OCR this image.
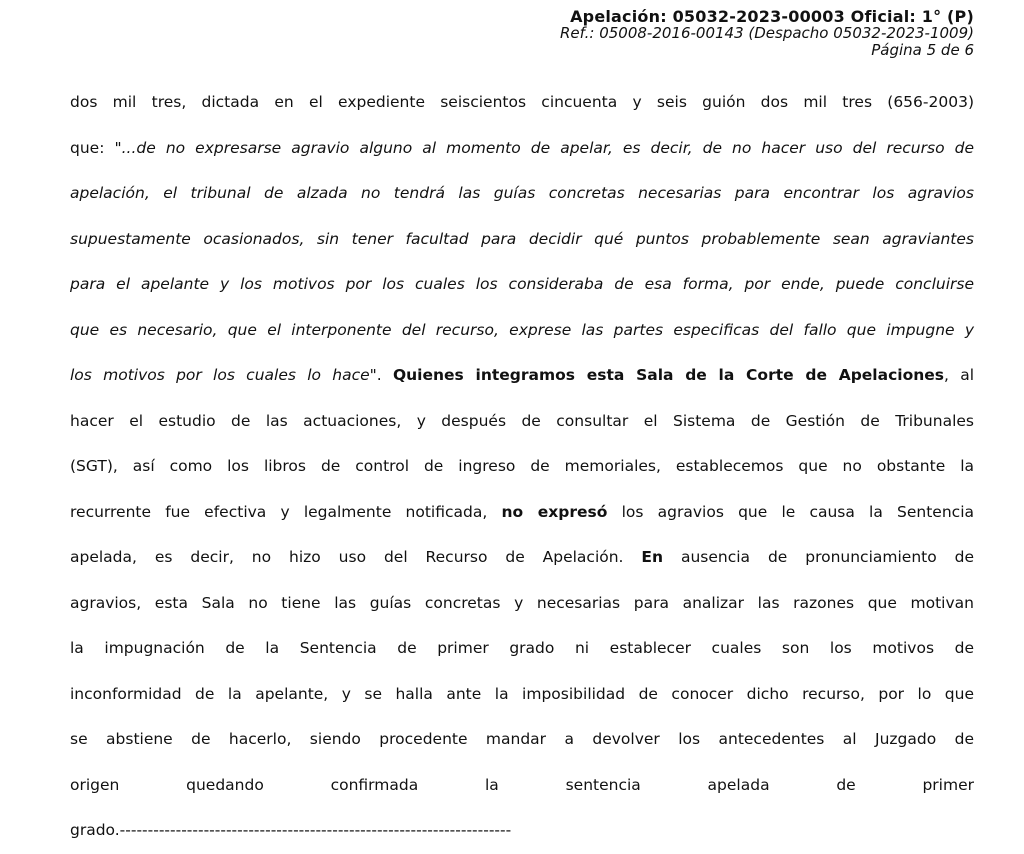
Apelación: 05032-2023-00003 Oficial: 1° (P)
Ref.: 05008-2016-00143 (Despacho 05032-2023-1009)
Página 5 de 6
dos mil tres, dictada en el expediente seiscientos cincuenta y seis guión dos mil tres (656-2003)
que: "...de no expresarse agravio alguno al momento de apelar, es decir, de no hacer uso del recurso de
apelación, el tribunal de alzada no tendrá las guías concretas necesarias para encontrar los agravios
supuestamente ocasionados, sin tener facultad para decidir qué puntos probablemente sean agraviantes
para el apelante y los motivos por los cuales los consideraba de esa forma, por ende, puede concluirse
que es necesario, que el interponente del recurso, exprese las partes especificas del fallo que impugne y
los motivos por los cuales lo hace". Quienes integramos esta Sala de la Corte de Apelaciones, al
hacer el estudio de las actuaciones, y después de consultar el Sistema de Gestión de Tribunales
(SGT), así como los libros de control de ingreso de memoriales, establecemos que no obstante la
recurrente fue efectiva y legalmente notificada, no expresó los agravios que le causa la Sentencia
apelada, es decir, no hizo uso del Recurso de Apelación. En ausencia de pronunciamiento de
agravios, esta Sala no tiene las guías concretas y necesarias para analizar las razones que motivan
la impugnación de la Sentencia de primer grado ni establecer cuales son los motivos de
inconformidad de la apelante, y se halla ante la imposibilidad de conocer dicho recurso, por lo que
se abstiene de hacerlo, siendo procedente mandar a devolver los antecedentes al Juzgado de
origen	quedando	confirmada	la	sentencia	apelada	de	primer
grado.----------------------------------------------------------------------
